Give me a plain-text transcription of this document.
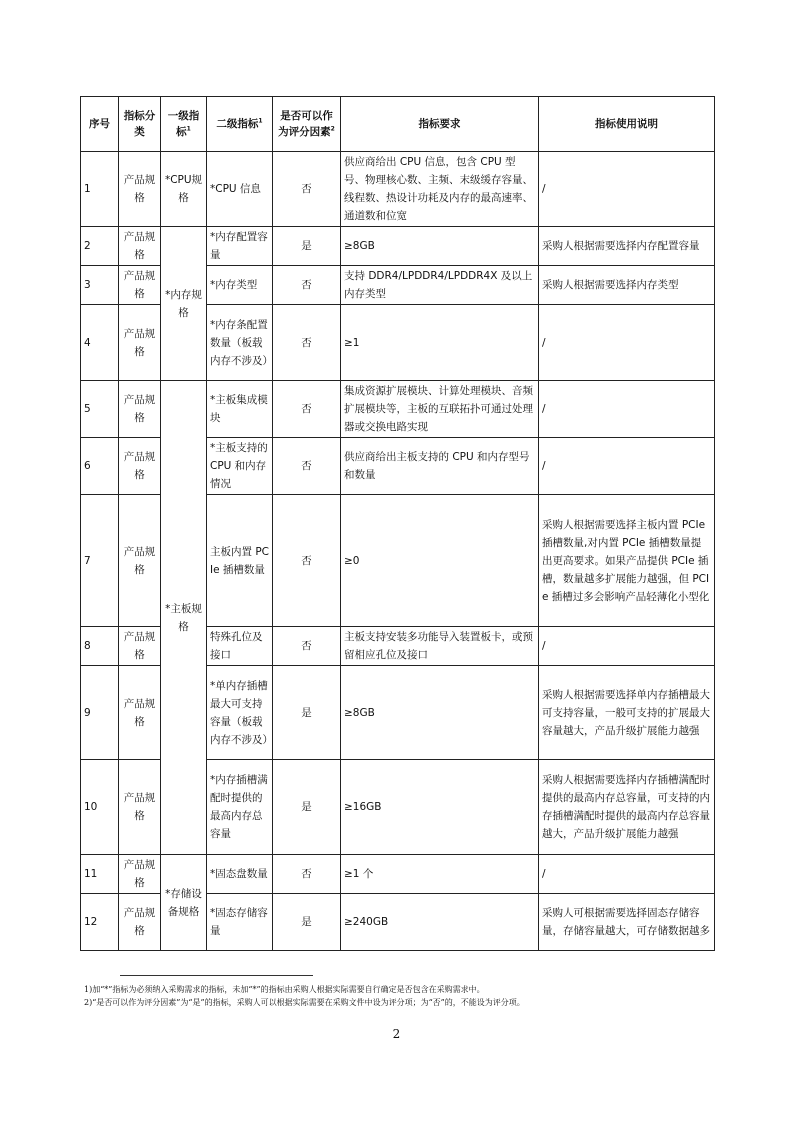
序号	指标分类	一级指标$^1$	二级指标$^1$	是否可以作为评分因素$^2$	指标要求	指标使用说明
1	产品规格	*CPU规格	*CPU 信息	否	供应商给出 CPU 信息，包含 CPU 型号、物理核心数、主频、末级缓存容量、线程数、热设计功耗及内存的最高速率、通道数和位宽	/
2	产品规格	*内存规格	*内存配置容量	是	≥8GB	采购人根据需要选择内存配置容量
3	产品规格		*内存类型	否	支持 DDR4/LPDDR4/LPDDR4X 及以上内存类型	采购人根据需要选择内存类型
4	产品规格		*内存条配置数量（板载内存不涉及）	否	≥1	/
5	产品规格	*主板规格	*主板集成模块	否	集成资源扩展模块、计算处理模块、音频扩展模块等，主板的互联拓扑可通过处理器或交换电路实现	/
6	产品规格		*主板支持的 CPU 和内存情况	否	供应商给出主板支持的 CPU 和内存型号和数量	/
7	产品规格		主板内置 PCIe 插槽数量	否	≥0	采购人根据需要选择主板内置 PCIe 插槽数量,对内置 PCIe 插槽数量提出更高要求。如果产品提供 PCIe 插槽，数量越多扩展能力越强，但 PCIe 插槽过多会影响产品轻薄化小型化
8	产品规格		特殊孔位及接口	否	主板支持安装多功能导入装置板卡，或预留相应孔位及接口	/
9	产品规格		*单内存插槽最大可支持容量（板载内存不涉及）	是	≥8GB	采购人根据需要选择单内存插槽最大可支持容量，一般可支持的扩展最大容量越大，产品升级扩展能力越强
10	产品规格		*内存插槽满配时提供的最高内存总容量	是	≥16GB	采购人根据需要选择内存插槽满配时提供的最高内存总容量，可支持的内存插槽满配时提供的最高内存总容量越大，产品升级扩展能力越强
11	产品规格	*存储设备规格	*固态盘数量	否	≥1 个	/
12	产品规格		*固态存储容量	是	≥240GB	采购人可根据需要选择固态存储容量，存储容量越大，可存储数据越多

1)加“*”指标为必须纳入采购需求的指标，未加“*”的指标由采购人根据实际需要自行确定是否包含在采购需求中。

2)“是否可以作为评分因素”为“是”的指标，采购人可以根据实际需要在采购文件中设为评分项；为“否”的，不能设为评分项。

2
